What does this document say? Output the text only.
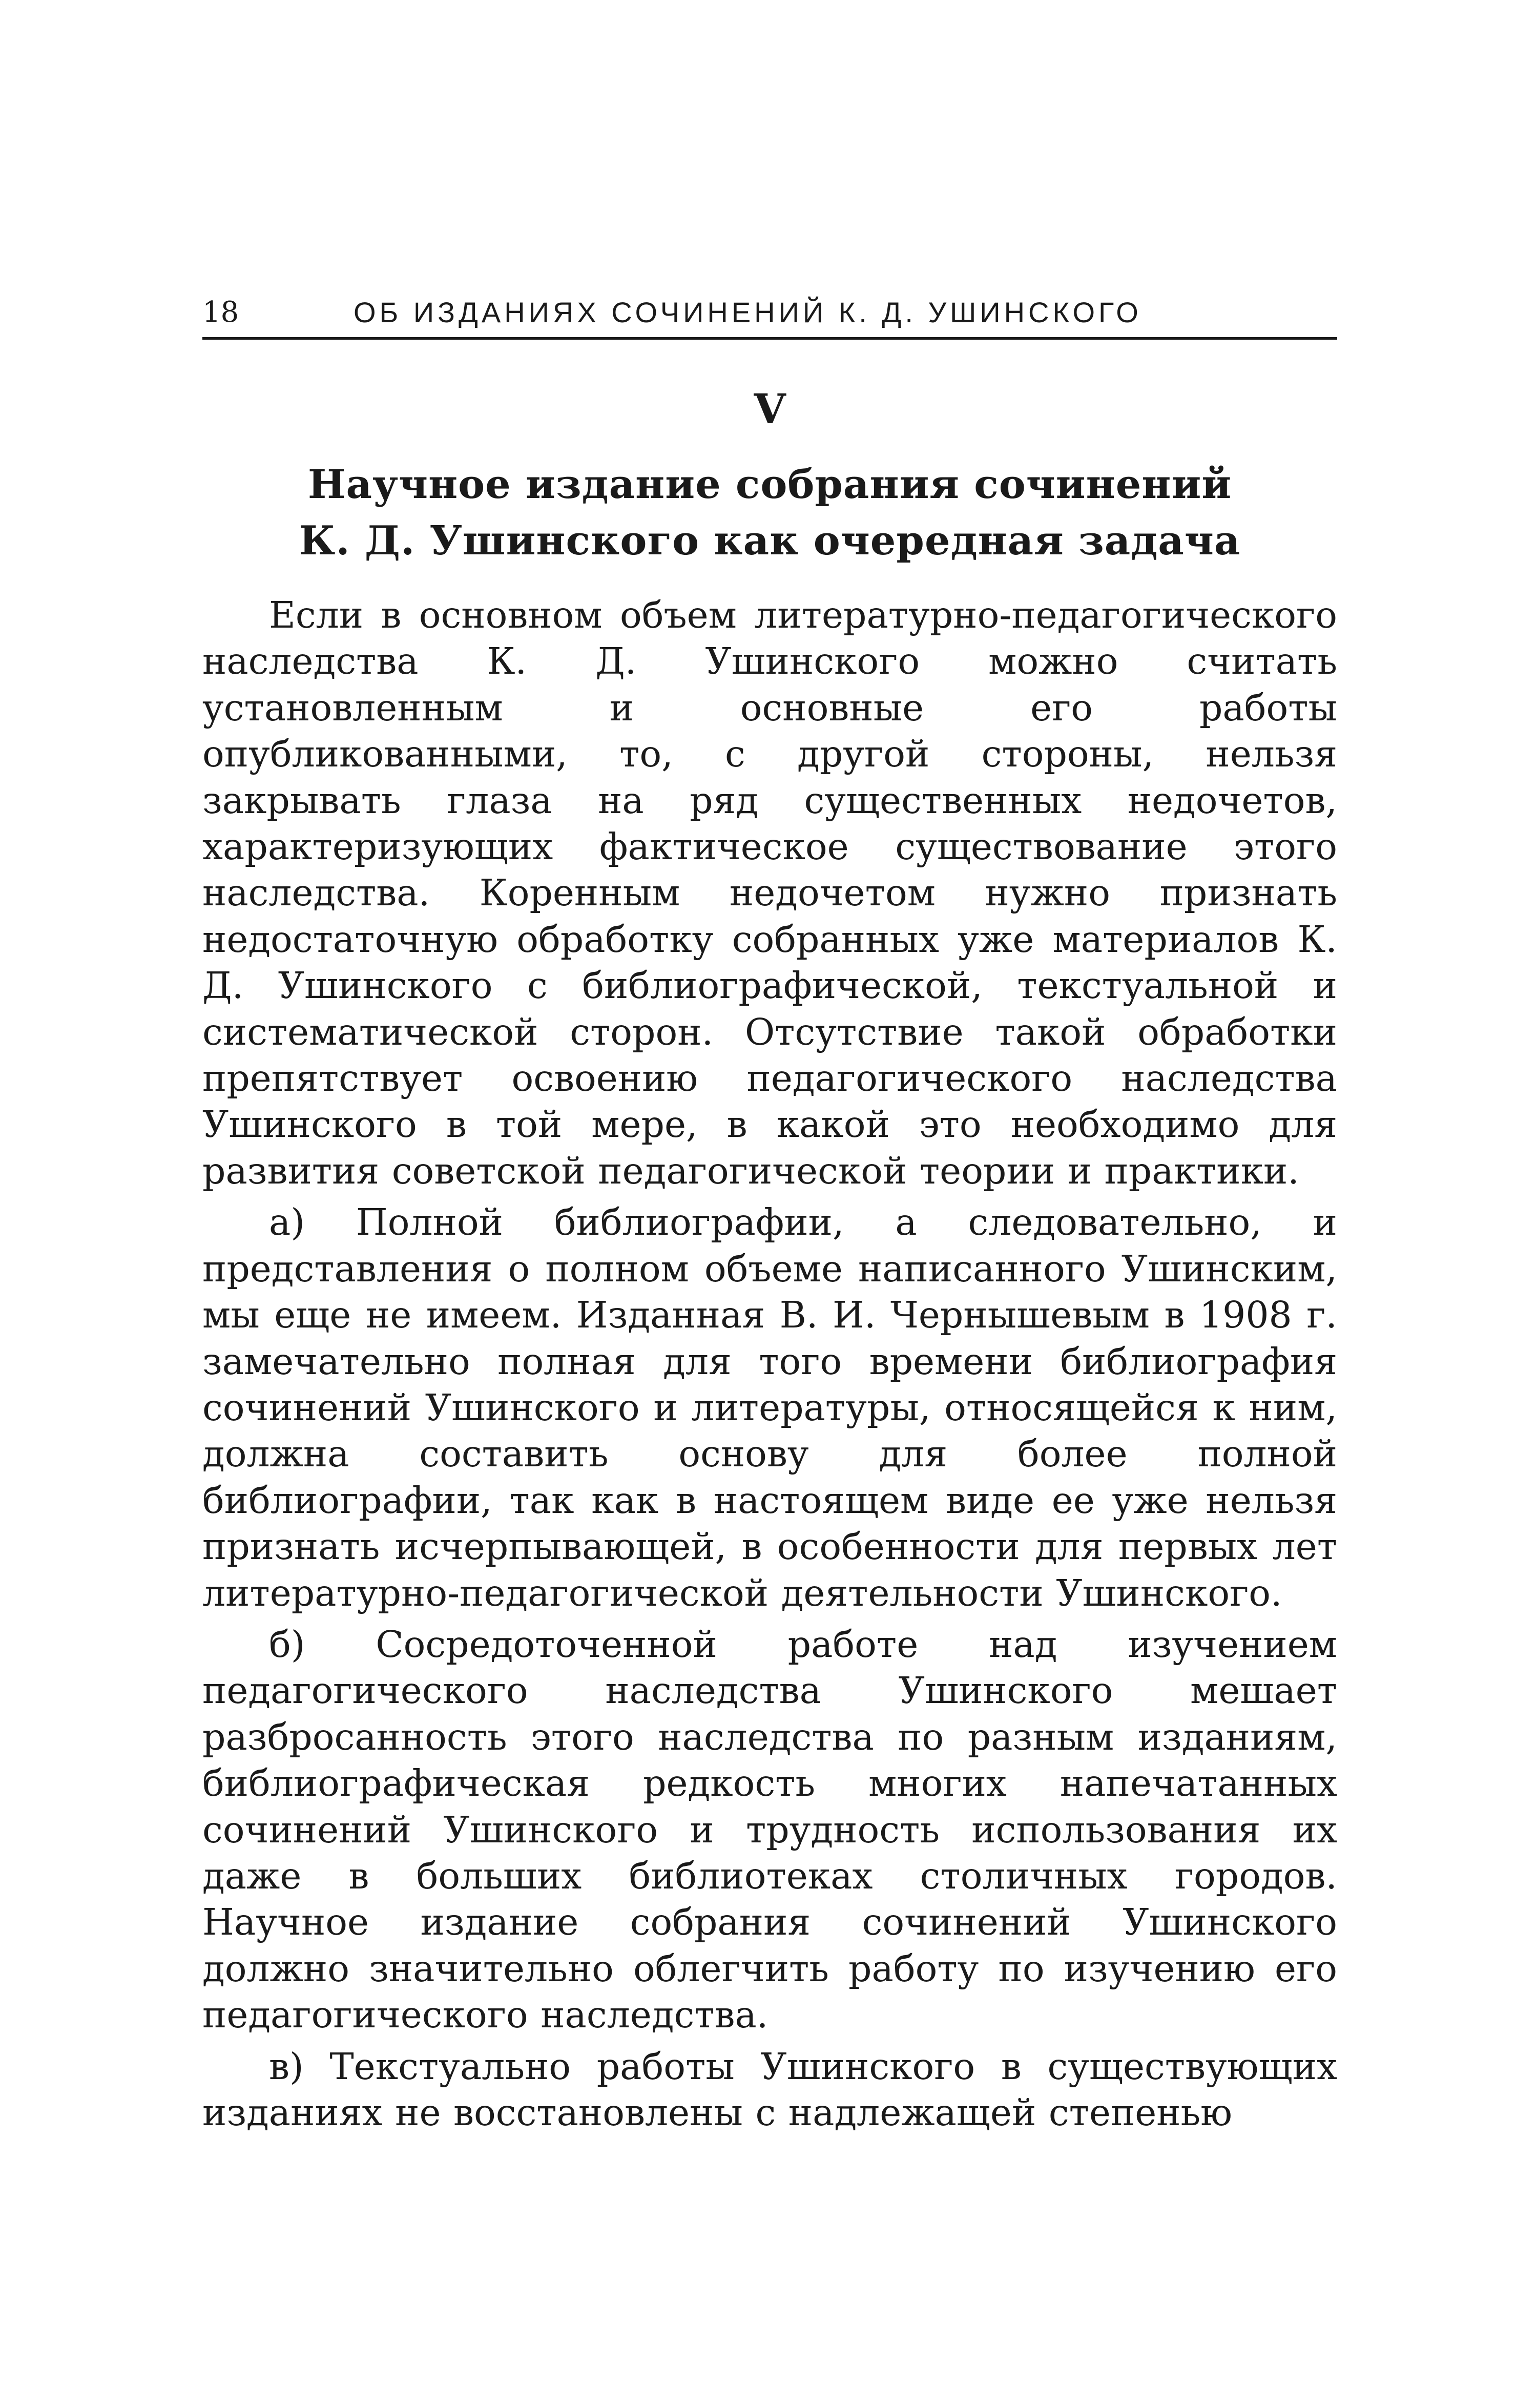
18	ОБ ИЗДАНИЯХ СОЧИНЕНИЙ К. Д. УШИНСКОГО
V
Научное издание собрания сочинений
К. Д. Ушинского как очередная задача

Если в основном объем литературно-педагогического наследства К. Д. Ушинского можно считать установленным и основные его работы опубликованными, то, с другой стороны, нельзя закрывать глаза на ряд существенных недочетов, характеризующих фактическое существование этого наследства. Коренным недочетом нужно признать недостаточную обработку собранных уже материалов К. Д. Ушинского с библиографической, текстуальной и систематической сторон. Отсутствие такой обработки препятствует освоению педагогического наследства Ушинского в той мере, в какой это необходимо для развития советской педагогической теории и практики.

а) Полной библиографии, а следовательно, и представления о полном объеме написанного Ушинским, мы еще не имеем. Изданная В. И. Чернышевым в 1908 г. замечательно полная для того времени библиография сочинений Ушинского и литературы, относящейся к ним, должна составить основу для более полной библиографии, так как в настоящем виде ее уже нельзя признать исчерпывающей, в особенности для первых лет литературно-педагогической деятельности Ушинского.

б) Сосредоточенной работе над изучением педагогического наследства Ушинского мешает разбросанность этого наследства по разным изданиям, библиографическая редкость многих напечатанных сочинений Ушинского и трудность использования их даже в больших библиотеках столичных городов. Научное издание собрания сочинений Ушинского должно значительно облегчить работу по изучению его педагогического наследства.

в) Текстуально работы Ушинского в существующих изданиях не восстановлены с надлежащей степенью
